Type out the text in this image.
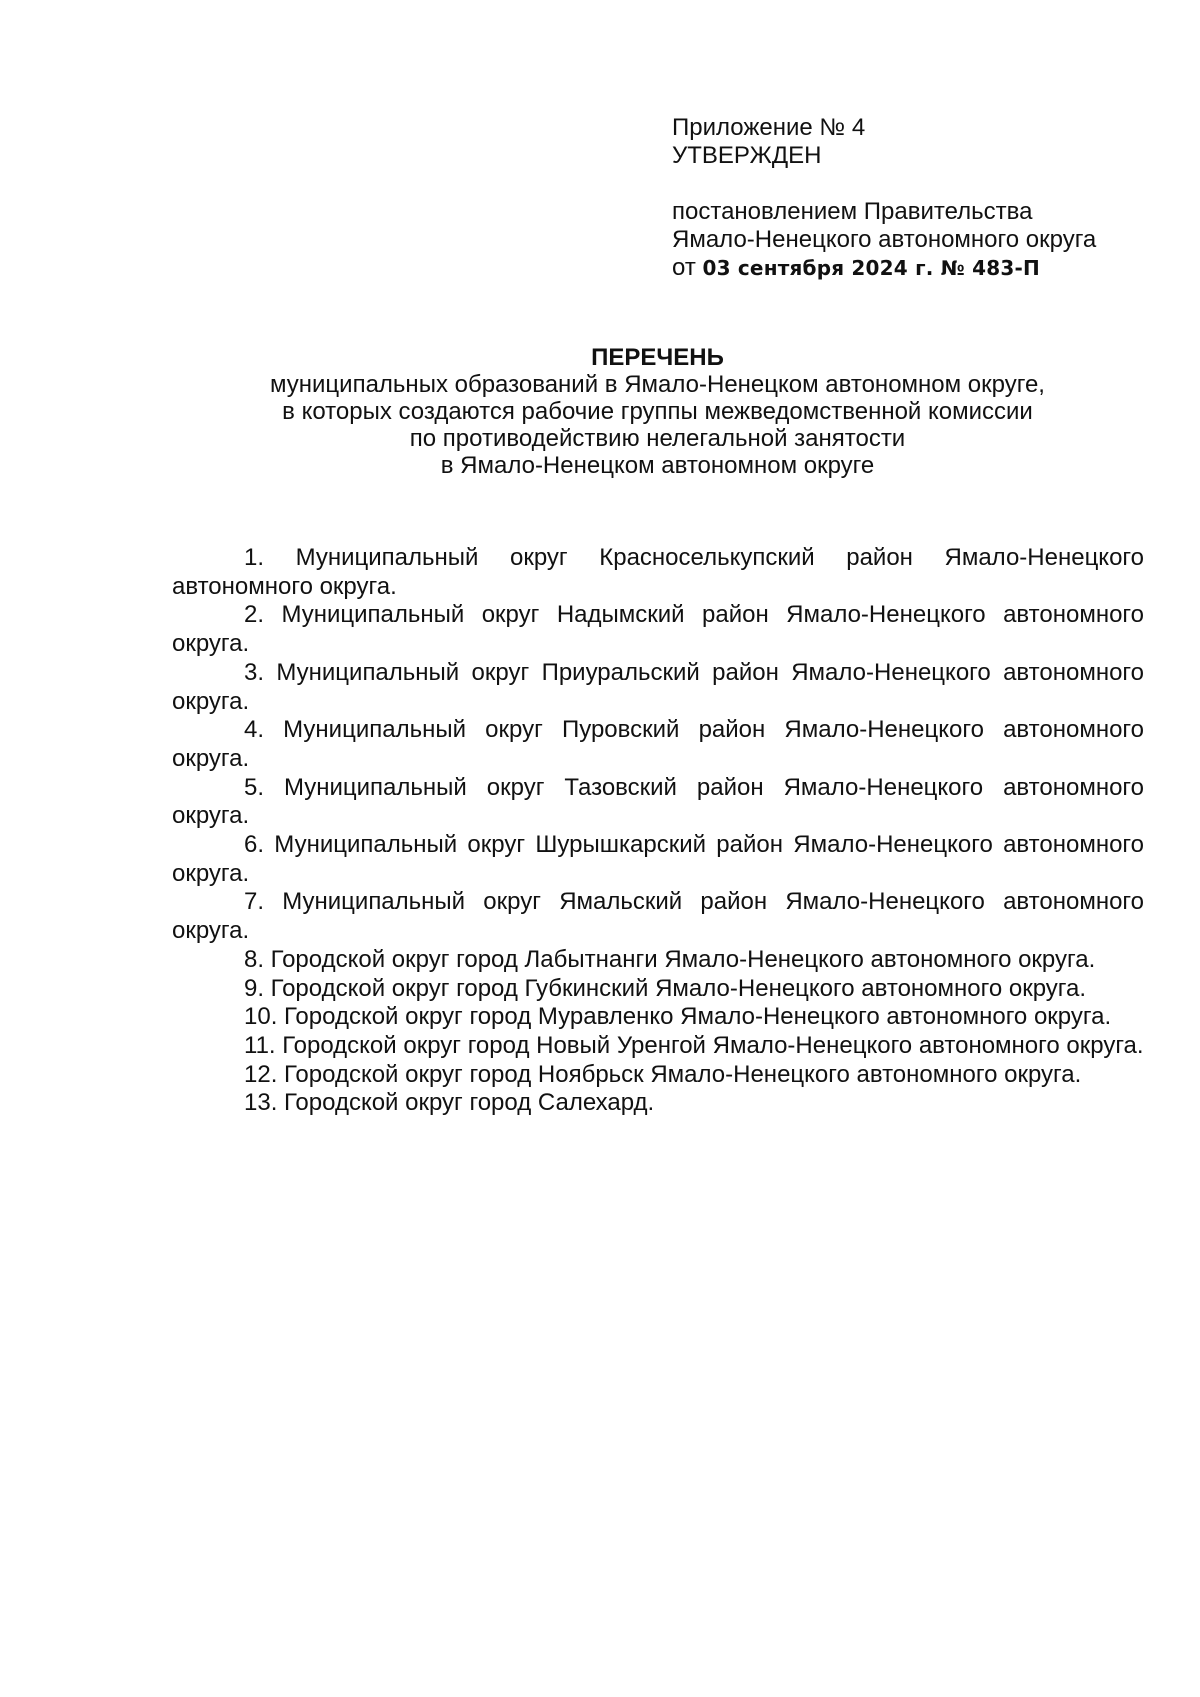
Приложение № 4
УТВЕРЖДЕН
постановлением Правительства
Ямало-Ненецкого автономного округа
от 03 сентября 2024 г. № 483-П
ПЕРЕЧЕНЬ
муниципальных образований в Ямало-Ненецком автономном округе,
в которых создаются рабочие группы межведомственной комиссии
по противодействию нелегальной занятости
в Ямало-Ненецком автономном округе

1. Муниципальный округ Красноселькупский район Ямало-Ненецкого автономного округа.

2. Муниципальный округ Надымский район Ямало-Ненецкого автономного округа.

3. Муниципальный округ Приуральский район Ямало-Ненецкого автономного округа.

4. Муниципальный округ Пуровский район Ямало-Ненецкого автономного округа.

5. Муниципальный округ Тазовский район Ямало-Ненецкого автономного округа.

6. Муниципальный округ Шурышкарский район Ямало-Ненецкого автономного округа.

7. Муниципальный округ Ямальский район Ямало-Ненецкого автономного округа.

8. Городской округ город Лабытнанги Ямало-Ненецкого автономного округа.

9. Городской округ город Губкинский Ямало-Ненецкого автономного округа.

10. Городской округ город Муравленко Ямало-Ненецкого автономного округа.

11. Городской округ город Новый Уренгой Ямало-Ненецкого автономного округа.

12. Городской округ город Ноябрьск Ямало-Ненецкого автономного округа.

13. Городской округ город Салехард.
